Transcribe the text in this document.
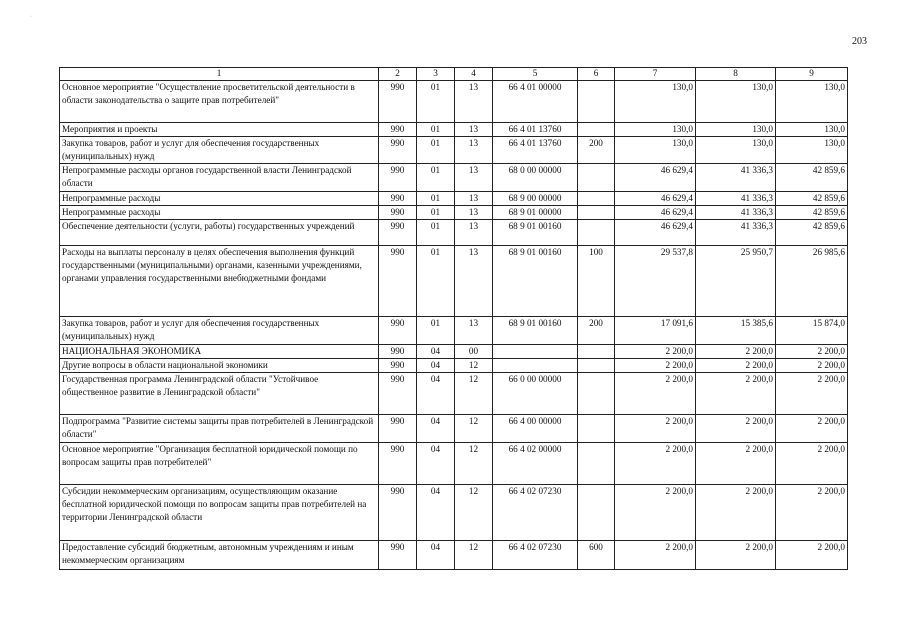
·
203
1	2	3	4	5	6	7	8	9
Основное мероприятие "Осуществление просветительской деятельности в области законодательства о защите прав потребителей"	990	01	13	66 4 01 00000		130,0	130,0	130,0
Мероприятия и проекты	990	01	13	66 4 01 13760		130,0	130,0	130,0
Закупка товаров, работ и услуг для обеспечения государственных (муниципальных) нужд	990	01	13	66 4 01 13760	200	130,0	130,0	130,0
Непрограммные расходы органов государственной власти Ленинградской области	990	01	13	68 0 00 00000		46 629,4	41 336,3	42 859,6
Непрограммные расходы	990	01	13	68 9 00 00000		46 629,4	41 336,3	42 859,6
Непрограммные расходы	990	01	13	68 9 01 00000		46 629,4	41 336,3	42 859,6
Обеспечение деятельности (услуги, работы) государственных учреждений	990	01	13	68 9 01 00160		46 629,4	41 336,3	42 859,6
Расходы на выплаты персоналу в целях обеспечения выполнения функций государственными (муниципальными) органами, казенными учреждениями, органами управления государственными внебюджетными фондами	990	01	13	68 9 01 00160	100	29 537,8	25 950,7	26 985,6
Закупка товаров, работ и услуг для обеспечения государственных (муниципальных) нужд	990	01	13	68 9 01 00160	200	17 091,6	15 385,6	15 874,0
НАЦИОНАЛЬНАЯ ЭКОНОМИКА	990	04	00			2 200,0	2 200,0	2 200,0
Другие вопросы в области национальной экономики	990	04	12			2 200,0	2 200,0	2 200,0
Государственная программа Ленинградской области "Устойчивое общественное развитие в Ленинградской области"	990	04	12	66 0 00 00000		2 200,0	2 200,0	2 200,0
Подпрограмма "Развитие системы защиты прав потребителей в Ленинградской области"	990	04	12	66 4 00 00000		2 200,0	2 200,0	2 200,0
Основное мероприятие "Организация бесплатной юридической помощи по вопросам защиты прав потребителей"	990	04	12	66 4 02 00000		2 200,0	2 200,0	2 200,0
Субсидии некоммерческим организациям, осуществляющим оказание бесплатной юридической помощи по вопросам защиты прав потребителей на территории Ленинградской области	990	04	12	66 4 02 07230		2 200,0	2 200,0	2 200,0
Предоставление субсидий бюджетным, автономным учреждениям и иным некоммерческим организациям	990	04	12	66 4 02 07230	600	2 200,0	2 200,0	2 200,0
